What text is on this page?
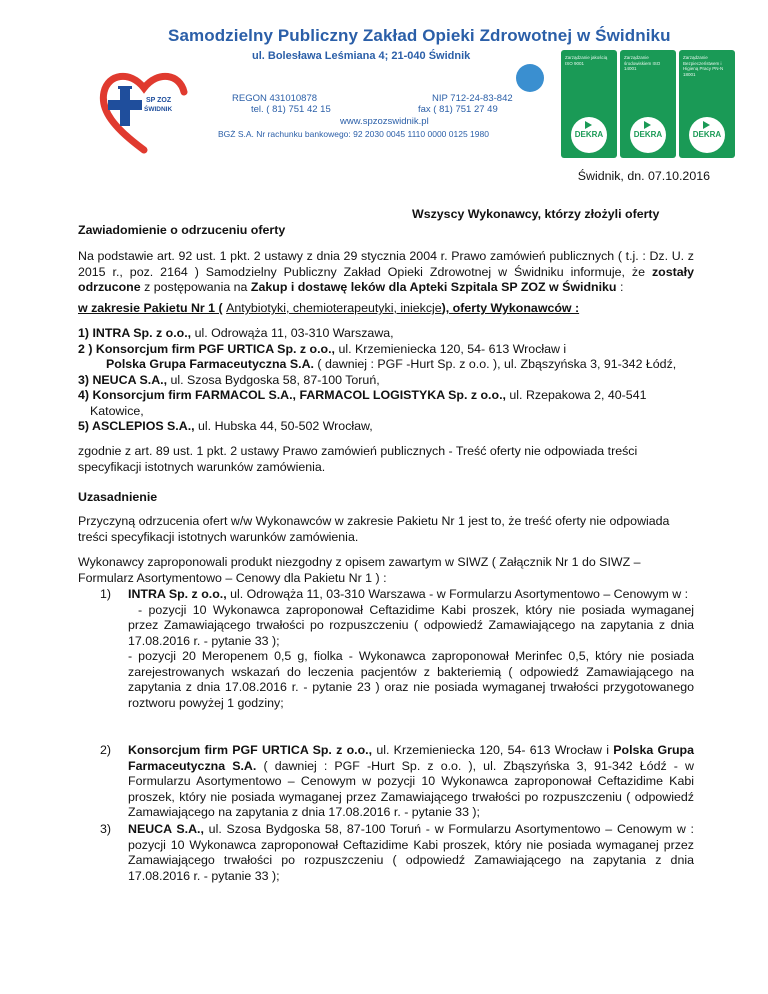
Samodzielny Publiczny Zakład Opieki Zdrowotnej w Świdniku
ul. Bolesława Leśmiana 4; 21-040 Świdnik
SP ZOZ
ŚWIDNIK
REGON 431010878
tel. ( 81) 751 42 15
NIP 712-24-83-842
fax ( 81) 751 27 49
www.spzozswidnik.pl
BGŻ S.A. Nr rachunku bankowego: 92 2030 0045 1110 0000 0125 1980
Zarządzanie jakością ISO 9001
DEKRA
Zarządzanie środowiskiem ISO 14001
DEKRA
Zarządzanie Bezpieczeństwem i Higieną Pracy PN-N 18001
DEKRA
Świdnik, dn. 07.10.2016
Wszyscy Wykonawcy, którzy złożyli oferty
Zawiadomienie o odrzuceniu oferty

Na podstawie art. 92 ust. 1 pkt. 2 ustawy z dnia 29 stycznia 2004 r. Prawo zamówień publicznych ( t.j. : Dz. U. z 2015 r., poz. 2164 ) Samodzielny Publiczny Zakład Opieki Zdrowotnej w Świdniku informuje, że zostały odrzucone z postępowania na Zakup i dostawę leków dla Apteki Szpitala SP ZOZ w Świdniku :

w zakresie Pakietu Nr 1 ( Antybiotyki, chemioterapeutyki, iniekcje), oferty Wykonawców :

1) INTRA Sp. z o.o., ul. Odrowąża 11, 03-310 Warszawa,
2 ) Konsorcjum firm PGF URTICA Sp. z o.o., ul. Krzemieniecka 120, 54- 613 Wrocław i
Polska Grupa Farmaceutyczna S.A. ( dawniej : PGF -Hurt Sp. z o.o. ), ul. Zbąszyńska 3, 91-342 Łódź,
3) NEUCA S.A., ul. Szosa Bydgoska 58, 87-100 Toruń,
4) Konsorcjum firm FARMACOL S.A., FARMACOL LOGISTYKA Sp. z o.o., ul. Rzepakowa 2, 40-541
Katowice,
5) ASCLEPIOS S.A., ul. Hubska 44, 50-502 Wrocław,

zgodnie z art. 89 ust. 1 pkt. 2 ustawy Prawo zamówień publicznych - Treść oferty nie odpowiada treści specyfikacji istotnych warunków zamówienia.

Uzasadnienie

Przyczyną odrzucenia ofert w/w Wykonawców w zakresie Pakietu Nr 1 jest to, że treść oferty nie odpowiada treści specyfikacji istotnych warunków zamówienia.

Wykonawcy zaproponowali produkt niezgodny z opisem zawartym w SIWZ ( Załącznik Nr 1 do SIWZ – Formularz Asortymentowo – Cenowy dla Pakietu Nr 1 ) :

1) INTRA Sp. z o.o., ul. Odrowąża 11, 03-310 Warszawa - w Formularzu Asortymentowo – Cenowym w :

- pozycji 10 Wykonawca zaproponował Ceftazidime Kabi proszek, który nie posiada wymaganej przez Zamawiającego trwałości po rozpuszczeniu ( odpowiedź Zamawiającego na zapytania z dnia 17.08.2016 r. - pytanie 33 );

- pozycji 20 Meropenem 0,5 g, fiolka - Wykonawca zaproponował Merinfec 0,5, który nie posiada zarejestrowanych wskazań do leczenia pacjentów z bakteriemią ( odpowiedź Zamawiającego na zapytania z dnia 17.08.2016 r. - pytanie 23 ) oraz nie posiada wymaganej trwałości przygotowanego roztworu powyżej 1 godziny;

2) Konsorcjum firm PGF URTICA Sp. z o.o., ul. Krzemieniecka 120, 54- 613 Wrocław i Polska Grupa Farmaceutyczna S.A. ( dawniej : PGF -Hurt Sp. z o.o. ), ul. Zbąszyńska 3, 91-342 Łódź - w Formularzu Asortymentowo – Cenowym w pozycji 10 Wykonawca zaproponował Ceftazidime Kabi proszek, który nie posiada wymaganej przez Zamawiającego trwałości po rozpuszczeniu ( odpowiedź Zamawiającego na zapytania z dnia 17.08.2016 r. - pytanie 33 );

3) NEUCA S.A., ul. Szosa Bydgoska 58, 87-100 Toruń - w Formularzu Asortymentowo – Cenowym w : pozycji 10 Wykonawca zaproponował Ceftazidime Kabi proszek, który nie posiada wymaganej przez Zamawiającego trwałości po rozpuszczeniu ( odpowiedź Zamawiającego na zapytania z dnia 17.08.2016 r. - pytanie 33 );
